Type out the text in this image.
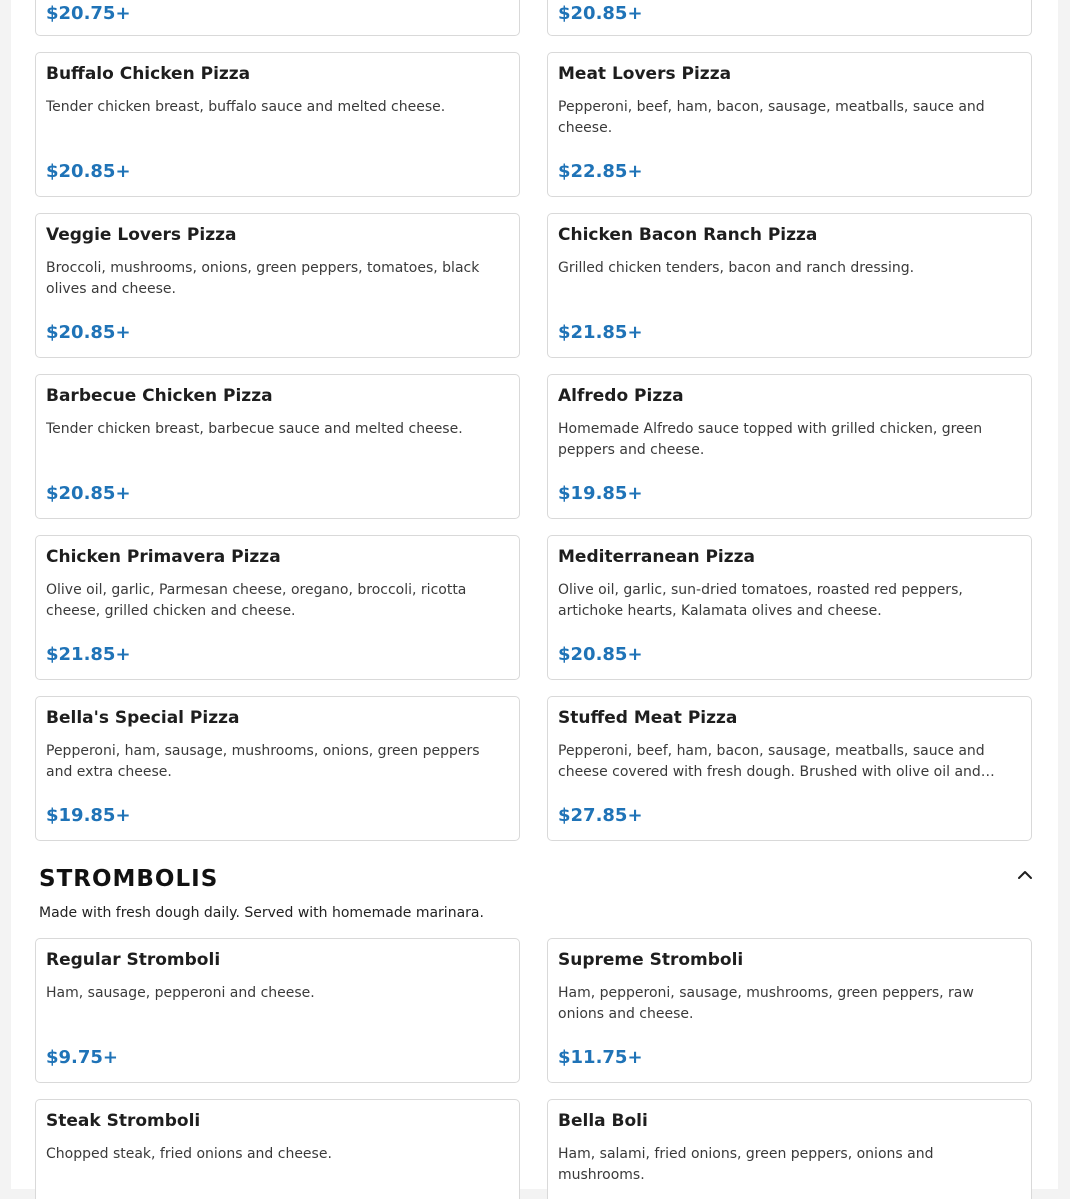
$20.75+	$20.85+
Buffalo Chicken Pizza
Tender chicken breast, buffalo sauce and melted cheese.
$20.85+
Meat Lovers Pizza
Pepperoni, beef, ham, bacon, sausage, meatballs, sauce and cheese.
$22.85+
Veggie Lovers Pizza
Broccoli, mushrooms, onions, green peppers, tomatoes, black olives and cheese.
$20.85+
Chicken Bacon Ranch Pizza
Grilled chicken tenders, bacon and ranch dressing.
$21.85+
Barbecue Chicken Pizza
Tender chicken breast, barbecue sauce and melted cheese.
$20.85+
Alfredo Pizza
Homemade Alfredo sauce topped with grilled chicken, green peppers and cheese.
$19.85+
Chicken Primavera Pizza
Olive oil, garlic, Parmesan cheese, oregano, broccoli, ricotta cheese, grilled chicken and cheese.
$21.85+
Mediterranean Pizza
Olive oil, garlic, sun-dried tomatoes, roasted red peppers, artichoke hearts, Kalamata olives and cheese.
$20.85+
Bella's Special Pizza
Pepperoni, ham, sausage, mushrooms, onions, green peppers and extra cheese.
$19.85+
Stuffed Meat Pizza
Pepperoni, beef, ham, bacon, sausage, meatballs, sauce and cheese covered with fresh dough. Brushed with olive oil and…
$27.85+
STROMBOLIS
Made with fresh dough daily. Served with homemade marinara.
Regular Stromboli
Ham, sausage, pepperoni and cheese.
$9.75+
Supreme Stromboli
Ham, pepperoni, sausage, mushrooms, green peppers, raw onions and cheese.
$11.75+
Steak Stromboli
Chopped steak, fried onions and cheese.
Bella Boli
Ham, salami, fried onions, green peppers, onions and mushrooms.
